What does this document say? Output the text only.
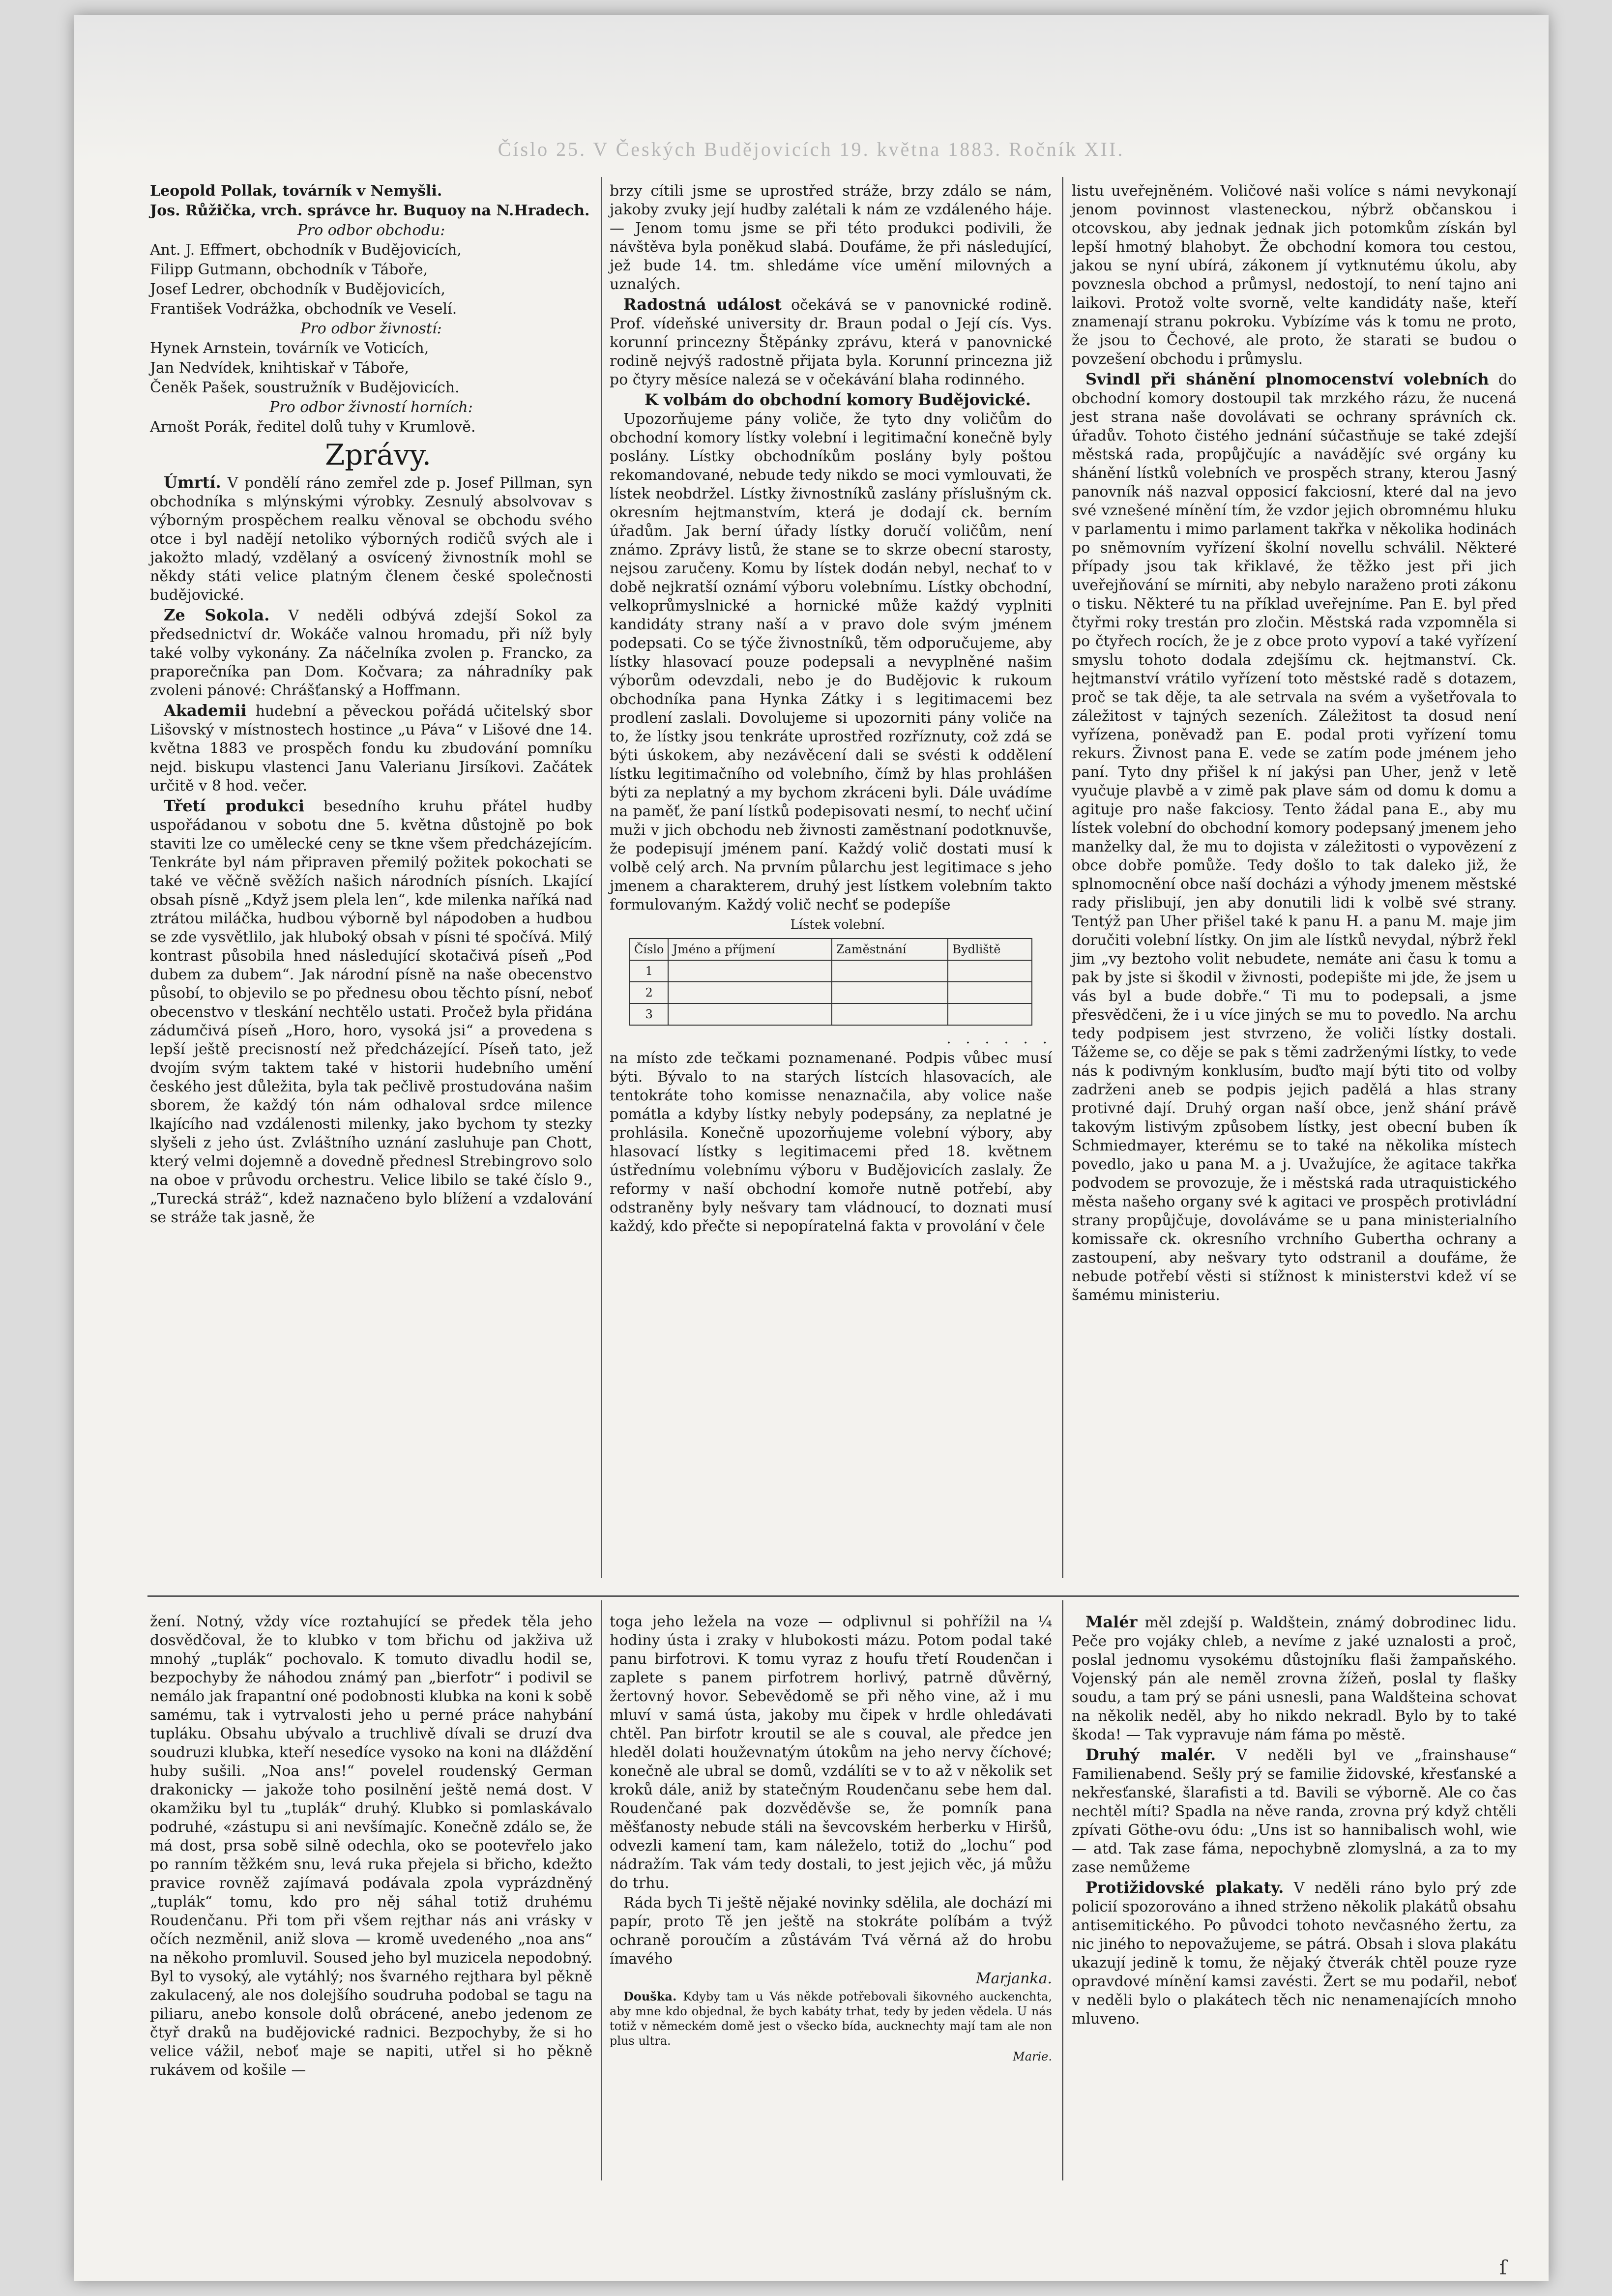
Číslo 25. V Českých Budějovicích 19. května 1883. Ročník XII.

Leopold Pollak, továrník v Nemyšli.

Jos. Růžička, vrch. správce hr. Buquoy na N.Hradech.

Pro odbor obchodu:

Ant. J. Effmert, obchodník v Budějovicích,

Filipp Gutmann, obchodník v Táboře,

Josef Ledrer, obchodník v Budějovicích,

František Vodrážka, obchodník ve Veselí.

Pro odbor živností:

Hynek Arnstein, továrník ve Voticích,

Jan Nedvídek, knihtiskař v Táboře,

Čeněk Pašek, soustružník v Budějovicích.

Pro odbor živností horních:

Arnošt Porák, ředitel dolů tuhy v Krumlově.

Zprávy.

Úmrtí. V pondělí ráno zemřel zde p. Josef Pillman, syn obchodníka s mlýnskými výrobky. Zesnulý absolvovav s výborným prospěchem realku věnoval se obchodu svého otce i byl nadějí netoliko výborných rodičů svých ale i jakožto mladý, vzdělaný a osvícený živnostník mohl se někdy státi velice platným členem české společnosti budějovické.

Ze Sokola. V neděli odbývá zdejší Sokol za předsednictví dr. Wokáče valnou hromadu, při níž byly také volby vykonány. Za náčelníka zvolen p. Francko, za praporečníka pan Dom. Kočvara; za náhradníky pak zvoleni pánové: Chrášťanský a Hoffmann.

Akademii hudební a pěveckou pořádá učitelský sbor Lišovský v místnostech hostince „u Páva“ v Lišové dne 14. května 1883 ve prospěch fondu ku zbudování pomníku nejd. biskupu vlastenci Janu Valerianu Jirsíkovi. Začátek určitě v 8 hod. večer.

Třetí produkci besedního kruhu přátel hudby uspořádanou v sobotu dne 5. května důstojně po bok staviti lze co umělecké ceny se tkne všem předcházejícím. Tenkráte byl nám připraven přemilý požitek pokochati se také ve věčně svěžích našich národních písních. Lkající obsah písně „Když jsem plela len“, kde milenka naříká nad ztrátou miláčka, hudbou výborně byl nápodoben a hudbou se zde vysvětlilo, jak hluboký obsah v písni té spočívá. Milý kontrast působila hned následující skotačivá píseň „Pod dubem za dubem“. Jak národní písně na naše obecenstvo působí, to objevilo se po přednesu obou těchto písní, neboť obecenstvo v tleskání nechtělo ustati. Pročež byla přidána zádumčivá píseň „Horo, horo, vysoká jsi“ a provedena s lepší ještě precisností než předcházející. Píseň tato, jež dvojím svým taktem také v historii hudebního umění českého jest důležita, byla tak pečlivě prostudována našim sborem, že každý tón nám odhaloval srdce milence lkajícího nad vzdálenosti milenky, jako bychom ty stezky slyšeli z jeho úst. Zvláštního uznání zasluhuje pan Chott, který velmi dojemně a dovedně přednesl Strebingrovo solo na oboe v průvodu orchestru. Velice libilo se také číslo 9., „Turecká stráž“, kdež naznačeno bylo blížení a vzdalování se stráže tak jasně, že

brzy cítili jsme se uprostřed stráže, brzy zdálo se nám, jakoby zvuky její hudby zalétali k nám ze vzdáleného háje. — Jenom tomu jsme se při této produkci podivili, že návštěva byla poněkud slabá. Doufáme, že při následující, jež bude 14. tm. shledáme více umění milovných a uznalých.

Radostná událost očekává se v panovnické rodině. Prof. vídeňské university dr. Braun podal o Její cís. Vys. korunní princezny Štěpánky zprávu, která v panovnické rodině nejvýš radostně přijata byla. Korunní princezna již po čtyry měsíce nalezá se v očekávání blaha rodinného.

K volbám do obchodní komory Budějovické.

Upozorňujeme pány voliče, že tyto dny voličům do obchodní komory lístky volební i legitimační konečně byly poslány. Lístky obchodníkům poslány byly poštou rekomandované, nebude tedy nikdo se moci vymlouvati, že lístek neobdržel. Lístky živnostníků zaslány příslušným ck. okresním hejtmanstvím, která je dodají ck. berním úřadům. Jak berní úřady lístky doručí voličům, není známo. Zprávy listů, že stane se to skrze obecní starosty, nejsou zaručeny. Komu by lístek dodán nebyl, nechať to v době nejkratší oznámí výboru volebnímu. Lístky obchodní, velkoprůmyslnické a hornické může každý vyplniti kandidáty strany naší a v pravo dole svým jménem podepsati. Co se týče živnostníků, těm odporučujeme, aby lístky hlasovací pouze podepsali a nevyplněné našim výborům odevzdali, nebo je do Budějovic k rukoum obchodníka pana Hynka Zátky i s legitimacemi bez prodlení zaslali. Dovolujeme si upozorniti pány voliče na to, že lístky jsou tenkráte uprostřed rozříznuty, což zdá se býti úskokem, aby nezávěcení dali se svésti k oddělení lístku legitimačního od volebního, čímž by hlas prohlášen býti za neplatný a my bychom zkráceni byli. Dále uvádíme na paměť, že paní lístků podepisovati nesmí, to nechť učiní muži v jich obchodu neb živnosti zaměstnaní podotknuvše, že podepisují jménem paní. Každý volič dostati musí k volbě celý arch. Na prvním půlarchu jest legitimace s jeho jmenem a charakterem, druhý jest lístkem volebním takto formulovaným. Každý volič nechť se podepíše

Lístek volební.

Číslo	Jméno a příjmení	Zaměstnání	Bydliště
1			
2			
3			

. . . . . .

na místo zde tečkami poznamenané. Podpis vůbec musí býti. Bývalo to na starých lístcích hlasovacích, ale tentokráte toho komisse nenaznačila, aby volice naše pomátla a kdyby lístky nebyly podepsány, za neplatné je prohlásila. Konečně upozorňujeme volební výbory, aby hlasovací lístky s legitimacemi před 18. květnem ústřednímu volebnímu výboru v Budějovicích zaslaly. Že reformy v naší obchodní komoře nutně potřebí, aby odstraněny byly nešvary tam vládnoucí, to doznati musí každý, kdo přečte si nepopíratelná fakta v provolání v čele

listu uveřejněném. Voličové naši volíce s námi nevykonají jenom povinnost vlasteneckou, nýbrž občanskou i otcovskou, aby jednak jednak jich potomkům získán byl lepší hmotný blahobyt. Že obchodní komora tou cestou, jakou se nyní ubírá, zákonem jí vytknutému úkolu, aby povznesla obchod a průmysl, nedostojí, to není tajno ani laikovi. Protož volte svorně, velte kandidáty naše, kteří znamenají stranu pokroku. Vybízíme vás k tomu ne proto, že jsou to Čechové, ale proto, že starati se budou o povzešení obchodu i průmyslu.

Svindl při shánění plnomocenství volebních do obchodní komory dostoupil tak mrzkého rázu, že nucená jest strana naše dovolávati se ochrany správních ck. úřadův. Tohoto čistého jednání súčastňuje se také zdejší městská rada, propůjčujíc a navádějíc své orgány ku shánění lístků volebních ve prospěch strany, kterou Jasný panovník náš nazval opposicí fakciosní, které dal na jevo své vznešené mínění tím, že vzdor jejich obromnému hluku v parlamentu i mimo parlament takřka v několika hodinách po sněmovním vyřízení školní novellu schválil. Některé případy jsou tak křiklavé, že těžko jest při jich uveřejňování se mírniti, aby nebylo naraženo proti zákonu o tisku. Některé tu na příklad uveřejníme. Pan E. byl před čtyřmi roky trestán pro zločin. Městská rada vzpomněla si po čtyřech rocích, že je z obce proto vypoví a také vyřízení smyslu tohoto dodala zdejšímu ck. hejtmanství. Ck. hejtmanství vrátilo vyřízení toto městské radě s dotazem, proč se tak děje, ta ale setrvala na svém a vyšetřovala to záležitost v tajných sezeních. Záležitost ta dosud není vyřízena, poněvadž pan E. podal proti vyřízení tomu rekurs. Živnost pana E. vede se zatím pode jménem jeho paní. Tyto dny přišel k ní jakýsi pan Uher, jenž v letě vyučuje plavbě a v zimě pak plave sám od domu k domu a agituje pro naše fakciosy. Tento žádal pana E., aby mu lístek volební do obchodní komory podepsaný jmenem jeho manželky dal, že mu to dojista v záležitosti o vypovězení z obce dobře pomůže. Tedy došlo to tak daleko již, že splnomocnění obce naší docházi a výhody jmenem městské rady přislibují, jen aby donutili lidi k volbě své strany. Tentýž pan Uher přišel také k panu H. a panu M. maje jim doručiti volební lístky. On jim ale lístků nevydal, nýbrž řekl jim „vy beztoho volit nebudete, nemáte ani času k tomu a pak by jste si škodil v živnosti, podepište mi jde, že jsem u vás byl a bude dobře.“ Ti mu to podepsali, a jsme přesvědčeni, že i u více jiných se mu to povedlo. Na archu tedy podpisem jest stvrzeno, že voliči lístky dostali. Tážeme se, co děje se pak s těmi zadrženými lístky, to vede nás k podivným konklusím, buďto mají býti tito od volby zadrženi aneb se podpis jejich padělá a hlas strany protivné dají. Druhý organ naší obce, jenž shání právě takovým listivým způsobem lístky, jest obecní buben ík Schmiedmayer, kterému se to také na několika místech povedlo, jako u pana M. a j. Uvažujíce, že agitace takřka podvodem se provozuje, že i městská rada utraquistického města našeho organy své k agitaci ve prospěch protivládní strany propůjčuje, dovoláváme se u pana ministerialního komissaře ck. okresního vrchního Gubertha ochrany a zastoupení, aby nešvary tyto odstranil a doufáme, že nebude potřebí věsti si stížnost k ministerstvi kdež ví se šamému ministeriu.

žení. Notný, vždy více roztahující se předek těla jeho dosvědčoval, že to klubko v tom břichu od jakživa už mnohý „tuplák“ pochovalo. K tomuto divadlu hodil se, bezpochyby že náhodou známý pan „bierfotr“ i podivil se nemálo jak frapantní oné podobnosti klubka na koni k sobě samému, tak i vytrvalosti jeho u perné práce nahybání tupláku. Obsahu ubývalo a truchlivě dívali se druzí dva soudruzi klubka, kteří nesedíce vysoko na koni na dláždění huby sušili. „Noa ans!“ povelel roudenský German drakonicky — jakože toho posilnění ještě nemá dost. V okamžiku byl tu „tuplák“ druhý. Klubko si pomlaskávalo podruhé, «zástupu si ani nevšímajíc. Konečně zdálo se, že má dost, prsa sobě silně odechla, oko se pootevřelo jako po ranním těžkém snu, levá ruka přejela si břicho, kdežto pravice rovněž zajímavá podávala zpola vyprázdněný „tuplák“ tomu, kdo pro něj sáhal totiž druhému Roudenčanu. Při tom při všem rejthar nás ani vrásky v očích nezměnil, aniž slova — kromě uvedeného „noa ans“ na někoho promluvil. Soused jeho byl muzicela nepodobný. Byl to vysoký, ale vytáhlý; nos švarného rejthara byl pěkně zakulacený, ale nos dolejšího soudruha podobal se tagu na piliaru, anebo konsole dolů obrácené, anebo jedenom ze čtyř draků na budějovické radnici. Bezpochyby, že si ho velice vážil, neboť maje se napiti, utřel si ho pěkně rukávem od košile —

toga jeho ležela na voze — odplivnul si pohřížil na ¼ hodiny ústa i zraky v hlubokosti mázu. Potom podal také panu birfotrovi. K tomu vyraz z houfu třetí Roudenčan i zaplete s panem pirfotrem horlivý, patrně důvěrný, žertovný hovor. Sebevědomě se při něho vine, až i mu mluví v samá ústa, jakoby mu čipek v hrdle ohledávati chtěl. Pan birfotr kroutil se ale s couval, ale předce jen hleděl dolati houževnatým útokům na jeho nervy číchové; konečně ale ubral se domů, vzdálíti se v to až v několik set kroků dále, aniž by statečným Roudenčanu sebe hem dal. Roudenčané pak dozvěděvše se, že pomník pana měšťanosty nebude stáli na ševcovském herberku v Hiršů, odvezli kamení tam, kam náleželo, totiž do „lochu“ pod nádražím. Tak vám tedy dostali, to jest jejich věc, já můžu do trhu.

Ráda bych Ti ještě nějaké novinky sdělila, ale dochází mi papír, proto Tě jen ještě na stokráte políbám a tvýž ochraně poroučím a zůstávám Tvá věrná až do hrobu ímavého

Marjanka.

Douška. Kdyby tam u Vás někde potřebovali šikovného auckenchta, aby mne kdo objednal, že bych kabáty trhat, tedy by jeden vědela. U nás totiž v německém domě jest o všecko bída, aucknechty mají tam ale non plus ultra.

Marie.

Malér měl zdejší p. Waldštein, známý dobrodinec lidu. Peče pro vojáky chleb, a nevíme z jaké uznalosti a proč, poslal jednomu vysokému důstojníku flaši žampaňského. Vojenský pán ale neměl zrovna žížeň, poslal ty flašky soudu, a tam prý se páni usnesli, pana Waldšteina schovat na několik neděl, aby ho nikdo nekradl. Bylo by to také škoda! — Tak vypravuje nám fáma po městě.

Druhý malér. V neděli byl ve „frainshause“ Familienabend. Sešly prý se familie židovské, křesťanské a nekřesťanské, šlarafisti a td. Bavili se výborně. Ale co čas nechtěl míti? Spadla na něve randa, zrovna prý když chtěli zpívati Göthe-ovu ódu: „Uns ist so hannibalisch wohl, wie — atd. Tak zase fáma, nepochybně zlomyslná, a za to my zase nemůžeme

Protižidovské plakaty. V neděli ráno bylo prý zde policií spozorováno a ihned strženo několik plakátů obsahu antisemitického. Po původci tohoto nevčasného žertu, za nic jiného to nepovažujeme, se pátrá. Obsah i slova plakátu ukazují jedině k tomu, že nějaký čtverák chtěl pouze ryze opravdové mínění kamsi zavésti. Žert se mu podařil, neboť v neděli bylo o plakátech těch nic nenamenajících mnoho mluveno.

ſ
